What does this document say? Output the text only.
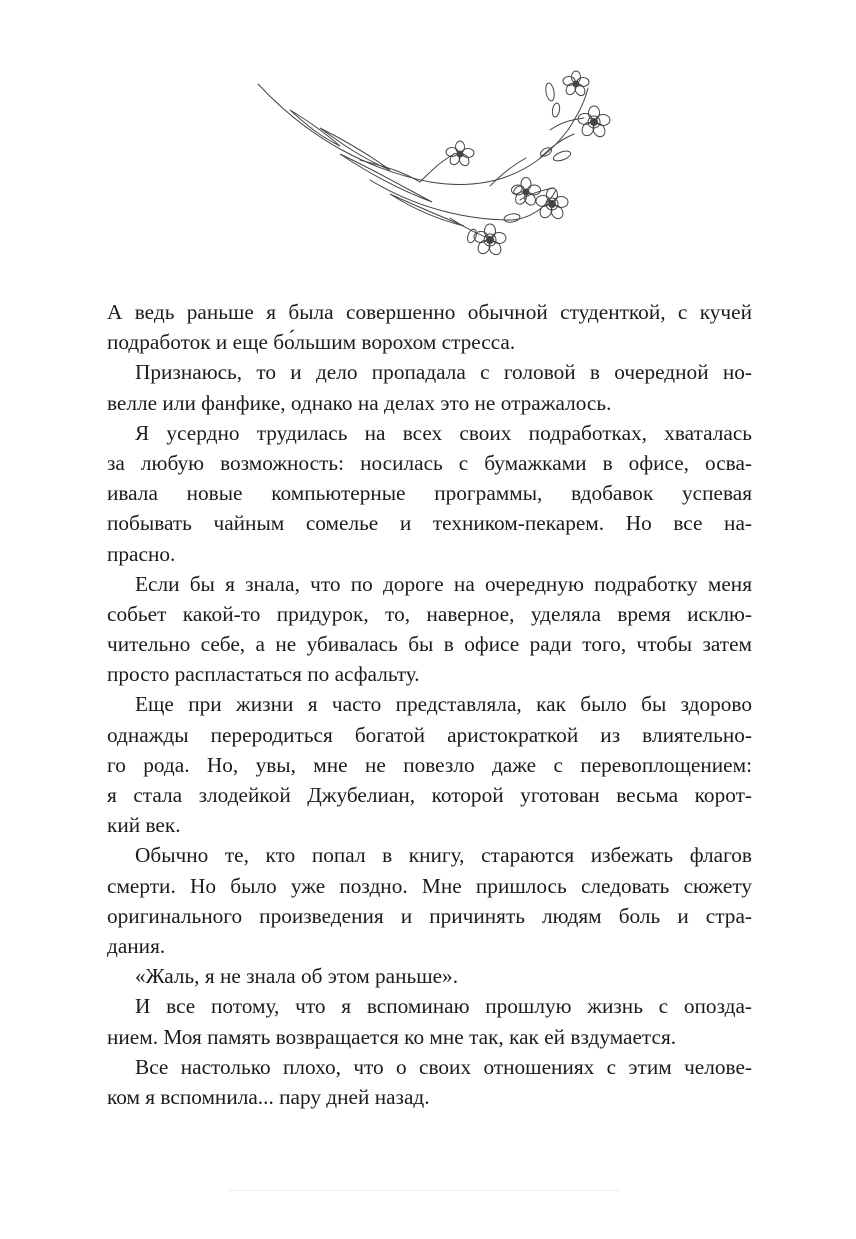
А ведь раньше я была совершенно обычной студенткой, с кучей
подработок и еще бо́льшим ворохом стресса.
Признаюсь, то и дело пропадала с головой в очередной но-
велле или фанфике, однако на делах это не отражалось.
Я усердно трудилась на всех своих подработках, хваталась
за любую возможность: носилась с бумажками в офисе, осва-
ивала новые компьютерные программы, вдобавок успевая
побывать чайным сомелье и техником-пекарем. Но все на-
прасно.
Если бы я знала, что по дороге на очередную подработку меня
собьет какой-то придурок, то, наверное, уделяла время исклю-
чительно себе, а не убивалась бы в офисе ради того, чтобы затем
просто распластаться по асфальту.
Еще при жизни я часто представляла, как было бы здорово
однажды переродиться богатой аристократкой из влиятельно-
го рода. Но, увы, мне не повезло даже с перевоплощением:
я стала злодейкой Джубелиан, которой уготован весьма корот-
кий век.
Обычно те, кто попал в книгу, стараются избежать флагов
смерти. Но было уже поздно. Мне пришлось следовать сюжету
оригинального произведения и причинять людям боль и стра-
дания.
«Жаль, я не знала об этом раньше».
И все потому, что я вспоминаю прошлую жизнь с опозда-
нием. Моя память возвращается ко мне так, как ей вздумается.
Все настолько плохо, что о своих отношениях с этим челове-
ком я вспомнила... пару дней назад.
